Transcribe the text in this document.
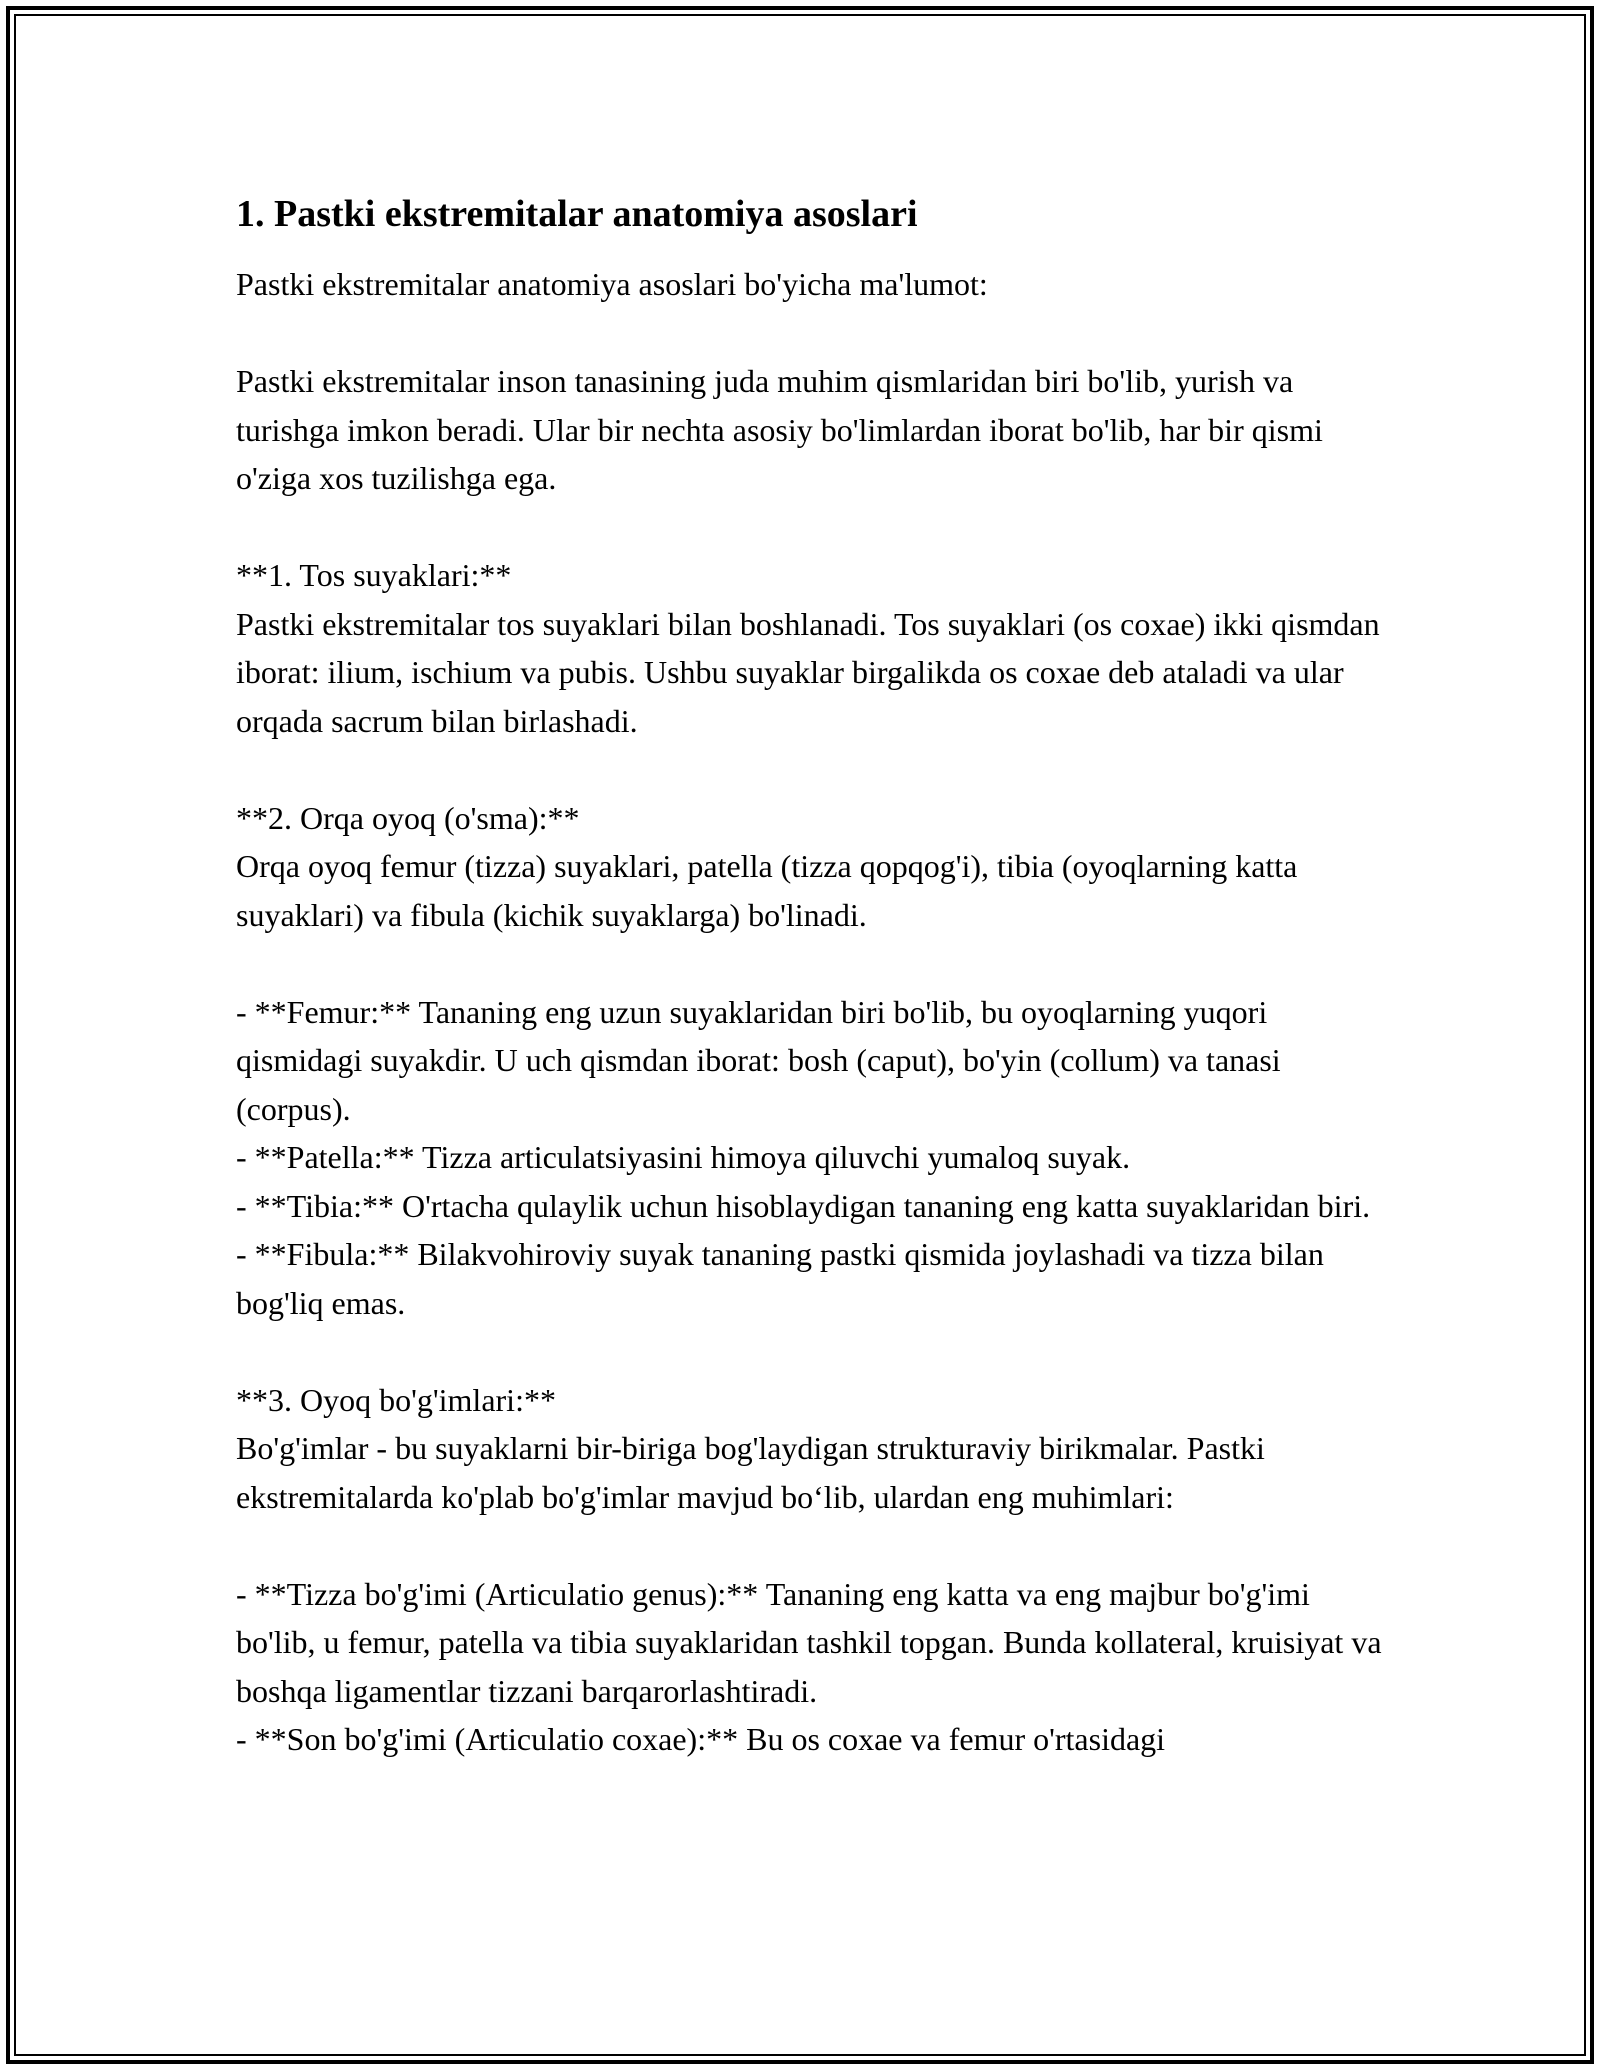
1. Pastki ekstremitalar anatomiya asoslari

Pastki ekstremitalar anatomiya asoslari bo'yicha ma'lumot:

Pastki ekstremitalar inson tanasining juda muhim qismlaridan biri bo'lib, yurish va turishga imkon beradi. Ular bir nechta asosiy bo'limlardan iborat bo'lib, har bir qismi o'ziga xos tuzilishga ega.

**1. Tos suyaklari:**

Pastki ekstremitalar tos suyaklari bilan boshlanadi. Tos suyaklari (os coxae) ikki qismdan iborat: ilium, ischium va pubis. Ushbu suyaklar birgalikda os coxae deb ataladi va ular orqada sacrum bilan birlashadi.

**2. Orqa oyoq (o'sma):**

Orqa oyoq femur (tizza) suyaklari, patella (tizza qopqog'i), tibia (oyoqlarning katta suyaklari) va fibula (kichik suyaklarga) bo'linadi.

- **Femur:** Tananing eng uzun suyaklaridan biri bo'lib, bu oyoqlarning yuqori qismidagi suyakdir. U uch qismdan iborat: bosh (caput), bo'yin (collum) va tanasi (corpus).

- **Patella:** Tizza articulatsiyasini himoya qiluvchi yumaloq suyak.

- **Tibia:** O'rtacha qulaylik uchun hisoblaydigan tananing eng katta suyaklaridan biri.

- **Fibula:** Bilakvohiroviy suyak tananing pastki qismida joylashadi va tizza bilan bog'liq emas.

**3. Oyoq bo'g'imlari:**

Bo'g'imlar - bu suyaklarni bir-biriga bog'laydigan strukturaviy birikmalar. Pastki ekstremitalarda ko'plab bo'g'imlar mavjud bo‘lib, ulardan eng muhimlari:

- **Tizza bo'g'imi (Articulatio genus):** Tananing eng katta va eng majbur bo'g'imi bo'lib, u femur, patella va tibia suyaklaridan tashkil topgan. Bunda kollateral, kruisiyat va boshqa ligamentlar tizzani barqarorlashtiradi.

- **Son bo'g'imi (Articulatio coxae):** Bu os coxae va femur o'rtasidagi
